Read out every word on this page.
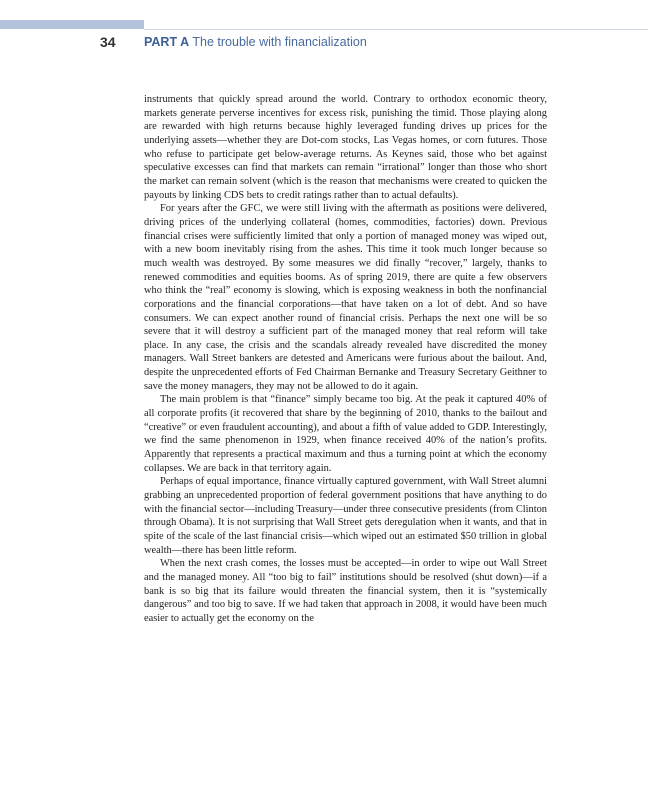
34 PART A The trouble with financialization

instruments that quickly spread around the world. Contrary to orthodox economic theory, markets generate perverse incentives for excess risk, punishing the timid. Those playing along are rewarded with high returns because highly leveraged funding drives up prices for the underlying assets—whether they are Dot-com stocks, Las Vegas homes, or corn futures. Those who refuse to participate get below-average returns. As Keynes said, those who bet against speculative excesses can find that markets can remain “irrational” longer than those who short the market can remain solvent (which is the reason that mechanisms were created to quicken the payouts by linking CDS bets to credit ratings rather than to actual defaults).

For years after the GFC, we were still living with the aftermath as positions were delivered, driving prices of the underlying collateral (homes, commodities, factories) down. Previous financial crises were sufficiently limited that only a portion of managed money was wiped out, with a new boom inevitably rising from the ashes. This time it took much longer because so much wealth was destroyed. By some measures we did finally “recover,” largely, thanks to renewed commodities and equities booms. As of spring 2019, there are quite a few observers who think the “real” economy is slowing, which is exposing weakness in both the nonfinancial corporations and the financial corporations—that have taken on a lot of debt. And so have consumers. We can expect another round of financial crisis. Perhaps the next one will be so severe that it will destroy a sufficient part of the managed money that real reform will take place. In any case, the crisis and the scandals already revealed have discredited the money managers. Wall Street bankers are detested and Americans were furious about the bailout. And, despite the unprecedented efforts of Fed Chairman Bernanke and Treasury Secretary Geithner to save the money managers, they may not be allowed to do it again.

The main problem is that “finance” simply became too big. At the peak it captured 40% of all corporate profits (it recovered that share by the beginning of 2010, thanks to the bailout and “creative” or even fraudulent accounting), and about a fifth of value added to GDP. Interestingly, we find the same phenomenon in 1929, when finance received 40% of the nation’s profits. Apparently that represents a practical maximum and thus a turning point at which the economy collapses. We are back in that territory again.

Perhaps of equal importance, finance virtually captured government, with Wall Street alumni grabbing an unprecedented proportion of federal government positions that have anything to do with the financial sector—including Treasury—under three consecutive presidents (from Clinton through Obama). It is not surprising that Wall Street gets deregulation when it wants, and that in spite of the scale of the last financial crisis—which wiped out an estimated $50 trillion in global wealth—there has been little reform.

When the next crash comes, the losses must be accepted—in order to wipe out Wall Street and the managed money. All “too big to fail” institutions should be resolved (shut down)—if a bank is so big that its failure would threaten the financial system, then it is “systemically dangerous” and too big to save. If we had taken that approach in 2008, it would have been much easier to actually get the economy on the
